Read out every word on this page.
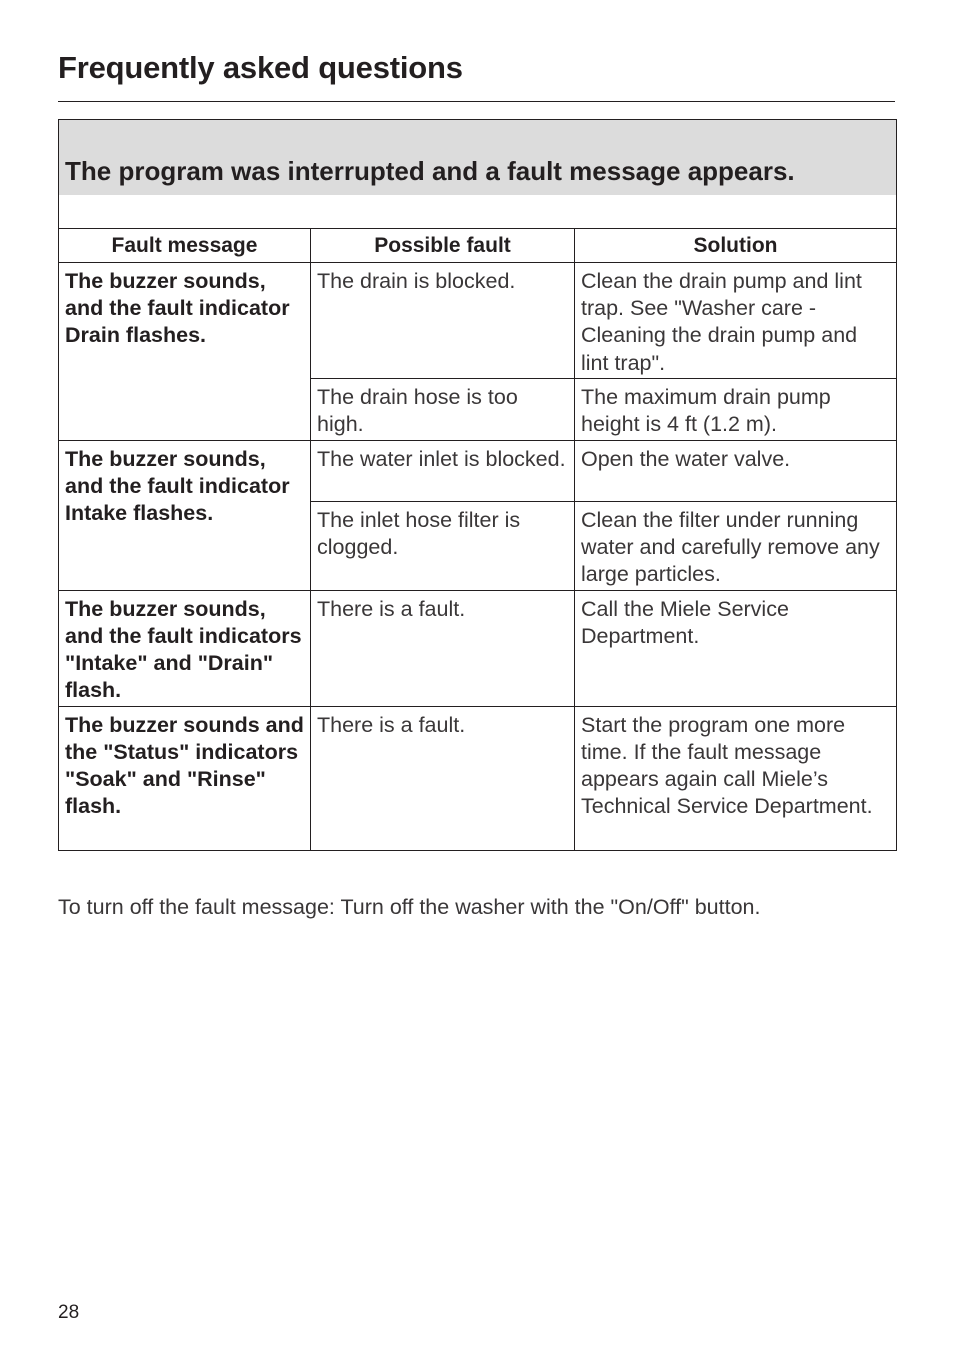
Frequently asked questions
The program was interrupted and a fault message appears.		

Fault message	Possible fault	Solution
The buzzer sounds, and the fault indicator Drain flashes.	The drain is blocked.	Clean the drain pump and lint trap. See "Washer care - Cleaning the drain pump and lint trap".
	The drain hose is too high.	The maximum drain pump height is 4 ft (1.2 m).
The buzzer sounds, and the fault indicator Intake flashes.	The water inlet is blocked.	Open the water valve.
	The inlet hose filter is clogged.	Clean the filter under running water and carefully remove any large particles.
The buzzer sounds, and the fault indicators "Intake" and "Drain" flash.	There is a fault.	Call the Miele Service Department.
The buzzer sounds and the "Status" indicators "Soak" and "Rinse" flash.	There is a fault.	Start the program one more time. If the fault message appears again call Miele’s Technical Service Department.

To turn off the fault message: Turn off the washer with the "On/Off" button.

28
